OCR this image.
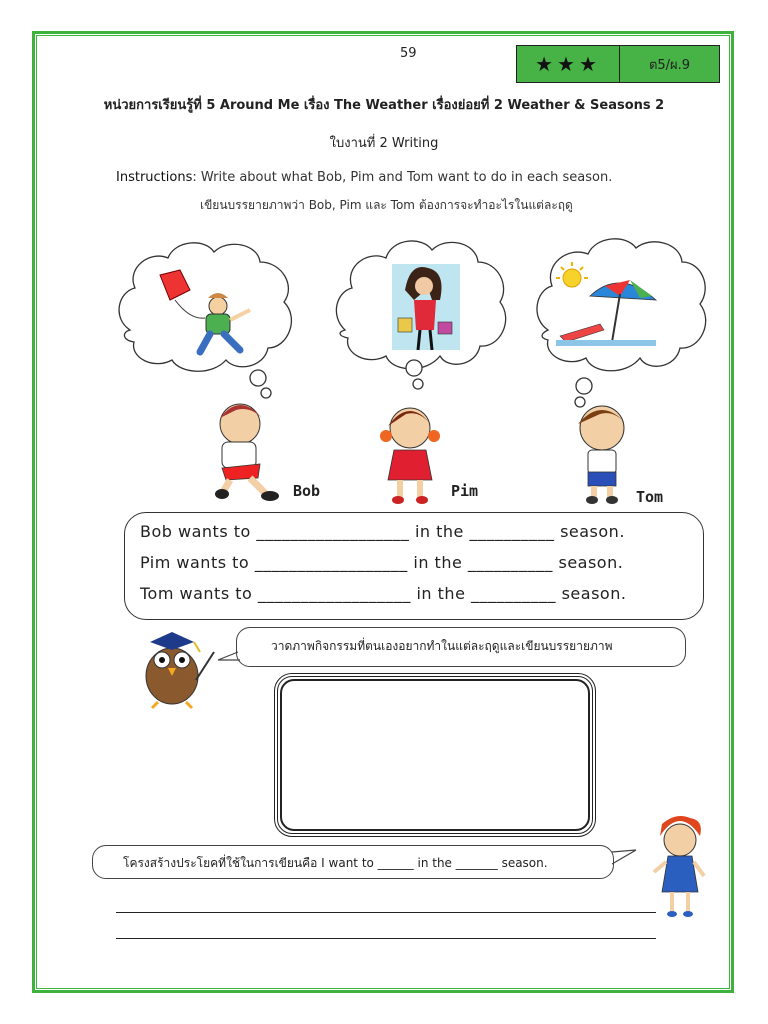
59	★★★	ต5/ผ.9
หน่วยการเรียนรู้ที่ 5 Around Me เรื่อง The Weather เรื่องย่อยที่ 2 Weather & Seasons 2
ใบงานที่ 2 Writing
Instructions: Write about what Bob, Pim and Tom want to do in each season.
เขียนบรรยายภาพว่า Bob, Pim และ Tom ต้องการจะทำอะไรในแต่ละฤดู
Bob	Pim	Tom
Bob wants to __________________ in the __________ season.
Pim wants to __________________ in the __________ season.
Tom wants to __________________ in the __________ season.
วาดภาพกิจกรรมที่ตนเองอยากทำในแต่ละฤดูและเขียนบรรยายภาพ
โครงสร้างประโยคที่ใช้ในการเขียนคือ I want to ______ in the _______ season.
